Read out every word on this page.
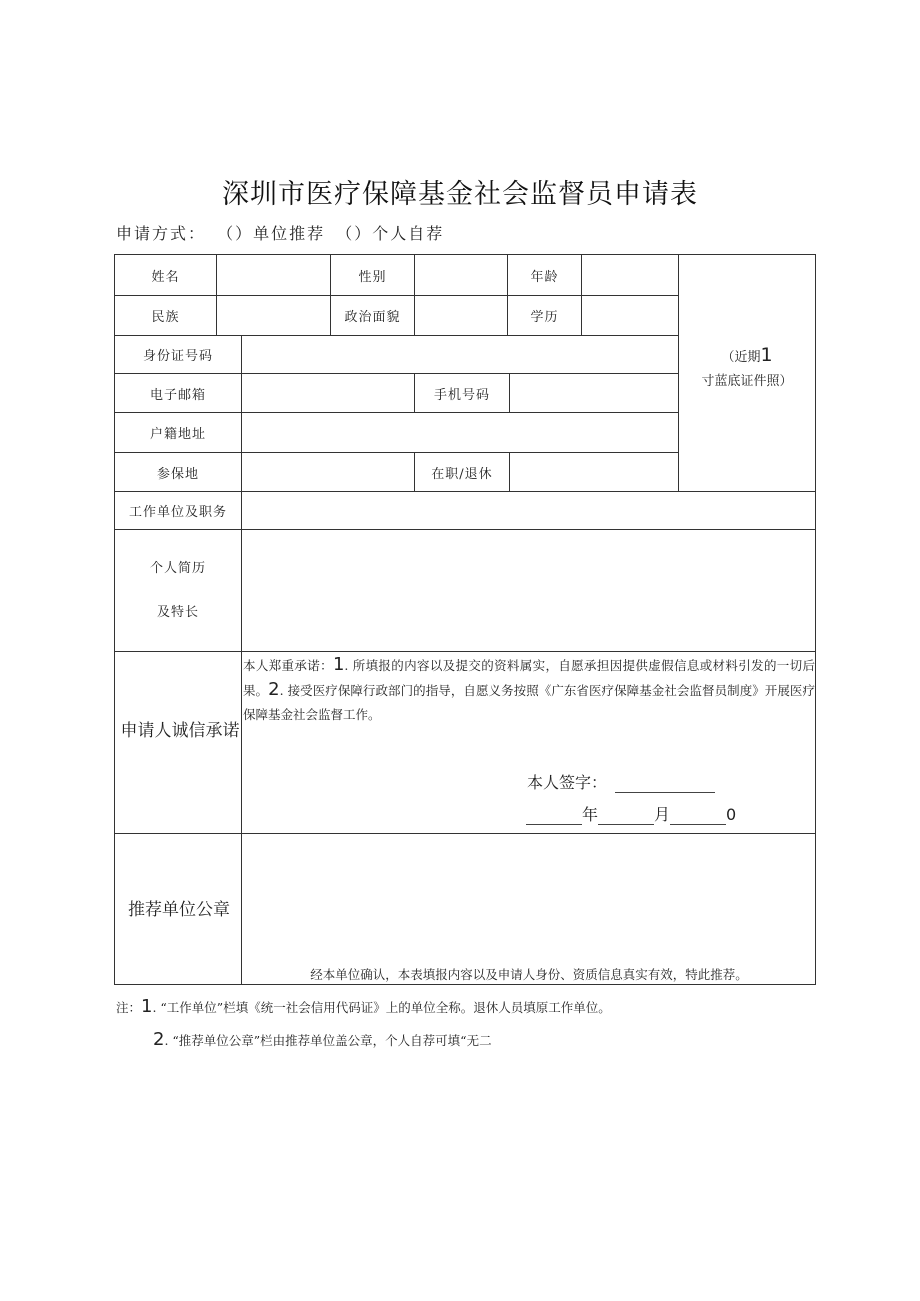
深圳市医疗保障基金社会监督员申请表
申请方式： （）单位推荐 （）个人自荐
姓名	性别	年龄
民族	政治面貌	学历
身份证号码
电子邮箱	手机号码
户籍地址
参保地	在职/退休
（近期1寸蓝底证件照）
工作单位及职务
个人简历
及特长
申请人诚信承诺
本人郑重承诺：1. 所填报的内容以及提交的资料属实，自愿承担因提供虚假信息或材料引发的一切后果。2. 接受医疗保障行政部门的指导，自愿义务按照《广东省医疗保障基金社会监督员制度》开展医疗保障基金社会监督工作。
本人签字：
年	月	0
推荐单位公章
经本单位确认，本表填报内容以及申请人身份、资质信息真实有效，特此推荐。
注：1. “工作单位”栏填《统一社会信用代码证》上的单位全称。退休人员填原工作单位。
2. “推荐单位公章”栏由推荐单位盖公章，个人自荐可填“无二
